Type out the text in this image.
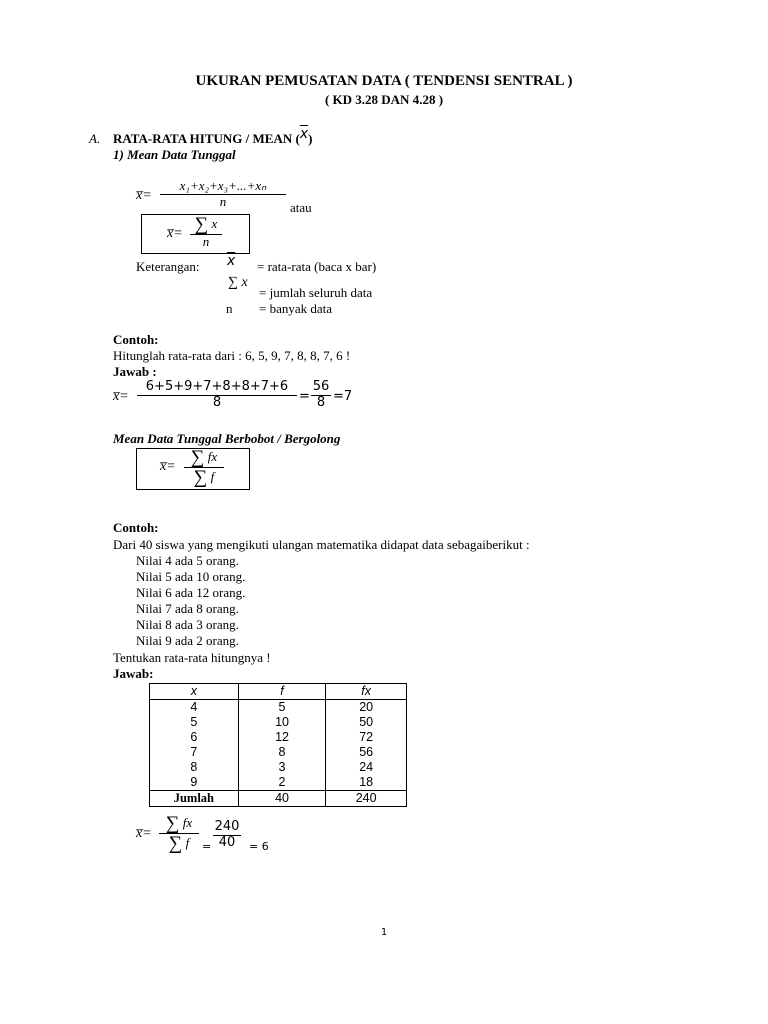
UKURAN PEMUSATAN DATA ( TENDENSI SENTRAL )
( KD 3.28 DAN 4.28 )
A. RATA-RATA HITUNG / MEAN $(\overline{x})$
1) Mean Data Tunggal
x̅=
x₁+x₂+x₃+...+xₙ
n	atau
x̅= ∑ x
n
Keterangan: $\overline{x}$ = rata-rata (baca x bar)
∑ x
= jumlah seluruh data
n = banyak data
Contoh:
Hitunglah rata-rata dari : 6, 5, 9, 7, 8, 8, 7, 6 !
Jawab :
x̅=
6+5+9+7+8+8+7+6
8	=
56
8 =7
Mean Data Tunggal Berbobot / Bergolong
x̅= ∑ fx
∑ f
Contoh:
Dari 40 siswa yang mengikuti ulangan matematika didapat data sebagaiberikut :
Nilai 4 ada 5 orang.
Nilai 5 ada 10 orang.
Nilai 6 ada 12 orang.
Nilai 7 ada 8 orang.
Nilai 8 ada 3 orang.
Nilai 9 ada 2 orang.
Tentukan rata-rata hitungnya !
Jawab:
x	f	fx
4	5	20
5	10	50
6	12	72
7	8	56
8	3	24
9	2	18
Jumlah	40	240
x̅= ∑ fx
∑ f =
240
40 = 6
1
